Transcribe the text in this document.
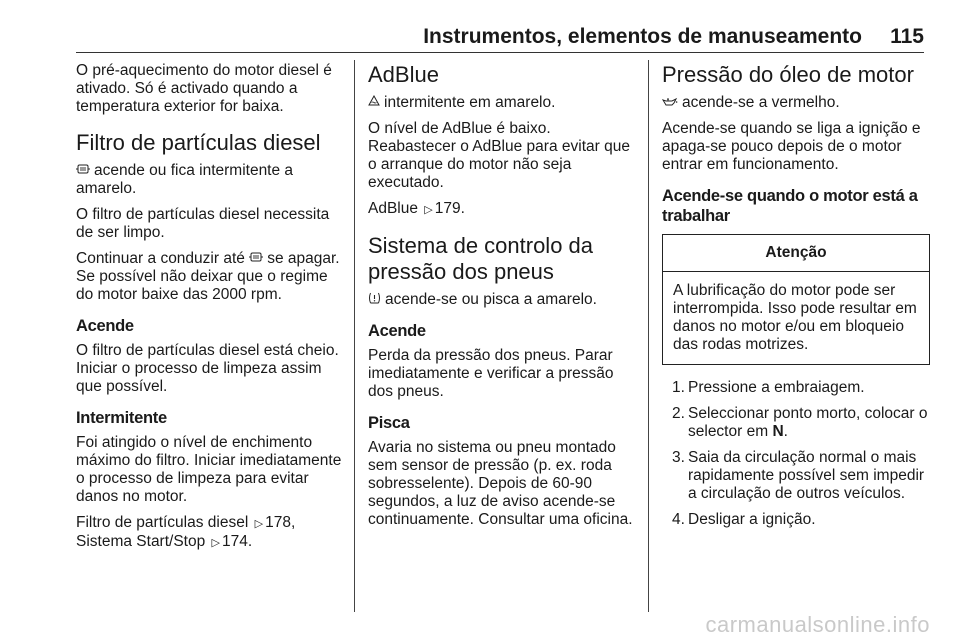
Instrumentos, elementos de manuseamento 115

O pré-aquecimento do motor diesel é ativado. Só é activado quando a temperatura exterior for baixa.

Filtro de partículas diesel

acende ou fica intermitente a amarelo.

O filtro de partículas diesel necessita de ser limpo.

Continuar a conduzir até se apagar. Se possível não deixar que o regime do motor baixe das 2000 rpm.

Acende

O filtro de partículas diesel está cheio. Iniciar o processo de limpeza assim que possível.

Intermitente

Foi atingido o nível de enchimento máximo do filtro. Iniciar imediatamente o processo de limpeza para evitar danos no motor.

Filtro de partículas diesel ▷ 178,
Sistema Start/Stop ▷ 174.

AdBlue

intermitente em amarelo.

O nível de AdBlue é baixo. Reabastecer o AdBlue para evitar que o arranque do motor não seja executado.

AdBlue ▷ 179.

Sistema de controlo da pressão dos pneus

acende-se ou pisca a amarelo.

Acende

Perda da pressão dos pneus. Parar imediatamente e verificar a pressão dos pneus.

Pisca

Avaria no sistema ou pneu montado sem sensor de pressão (p. ex. roda sobresselente). Depois de 60-90 segundos, a luz de aviso acende-se continuamente. Consultar uma oficina.

Pressão do óleo de motor

acende-se a vermelho.

Acende-se quando se liga a ignição e apaga-se pouco depois de o motor entrar em funcionamento.

Acende-se quando o motor está a trabalhar
Atenção
A lubrificação do motor pode ser interrompida. Isso pode resultar em danos no motor e/ou em bloqueio das rodas motrizes.
1. Pressione a embraiagem.
2. Seleccionar ponto morto, colocar o selector em N.
3. Saia da circulação normal o mais rapidamente possível sem impedir a circulação de outros veículos.
4. Desligar a ignição.
carmanualsonline.info
